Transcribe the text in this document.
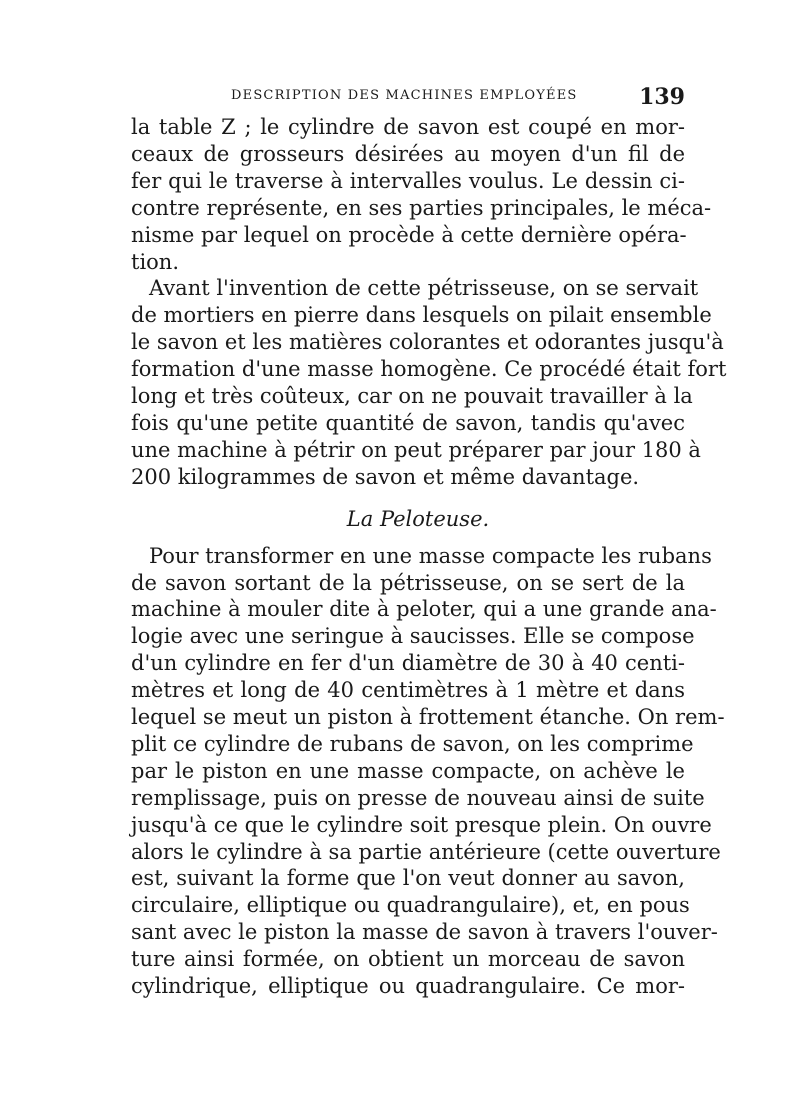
DESCRIPTION DES MACHINES EMPLOYÉES	139
la table Z ; le cylindre de savon est coupé en mor-
ceaux de grosseurs désirées au moyen d'un fil de
fer qui le traverse à intervalles voulus. Le dessin ci-
contre représente, en ses parties principales, le méca-
nisme par lequel on procède à cette dernière opéra-
tion.
Avant l'invention de cette pétrisseuse, on se servait
de mortiers en pierre dans lesquels on pilait ensemble
le savon et les matières colorantes et odorantes jusqu'à
formation d'une masse homogène. Ce procédé était fort
long et très coûteux, car on ne pouvait travailler à la
fois qu'une petite quantité de savon, tandis qu'avec
une machine à pétrir on peut préparer par jour 180 à
200 kilogrammes de savon et même davantage.
La Peloteuse.
Pour transformer en une masse compacte les rubans
de savon sortant de la pétrisseuse, on se sert de la
machine à mouler dite à peloter, qui a une grande ana-
logie avec une seringue à saucisses. Elle se compose
d'un cylindre en fer d'un diamètre de 30 à 40 centi-
mètres et long de 40 centimètres à 1 mètre et dans
lequel se meut un piston à frottement étanche. On rem-
plit ce cylindre de rubans de savon, on les comprime
par le piston en une masse compacte, on achève le
remplissage, puis on presse de nouveau ainsi de suite
jusqu'à ce que le cylindre soit presque plein. On ouvre
alors le cylindre à sa partie antérieure (cette ouverture
est, suivant la forme que l'on veut donner au savon,
circulaire, elliptique ou quadrangulaire), et, en pous
sant avec le piston la masse de savon à travers l'ouver-
ture ainsi formée, on obtient un morceau de savon
cylindrique, elliptique ou quadrangulaire. Ce mor-
